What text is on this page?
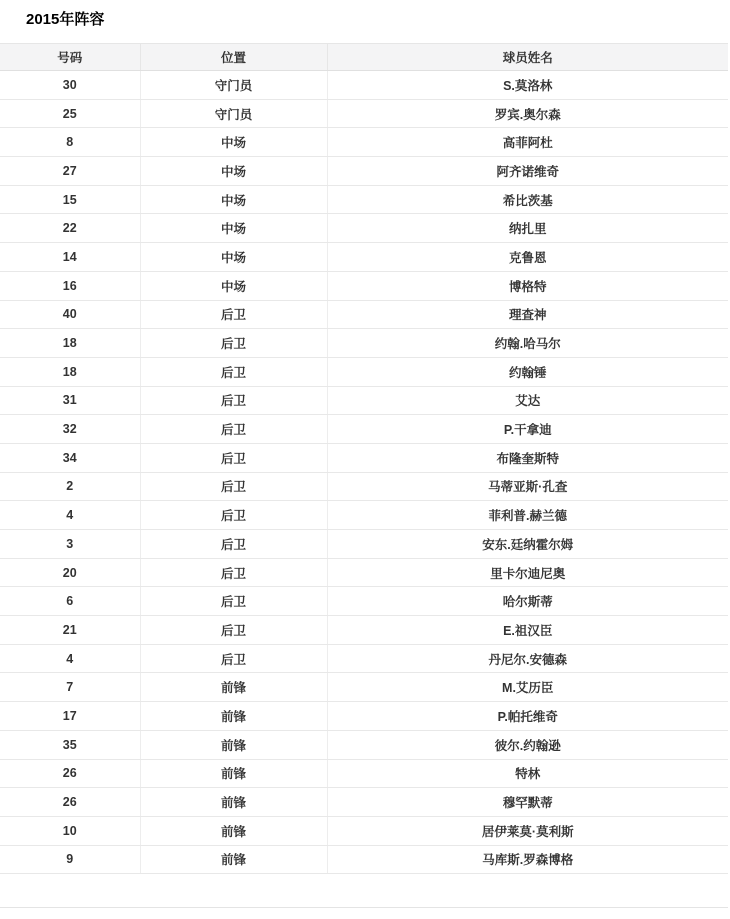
2015年阵容
号码	位置	球员姓名
30	守门员	S.莫洛林
25	守门员	罗宾.奥尔森
8	中场	高菲阿杜
27	中场	阿齐诺维奇
15	中场	希比茨基
22	中场	纳扎里
14	中场	克鲁恩
16	中场	博格特
40	后卫	理查神
18	后卫	约翰.哈马尔
18	后卫	约翰锤
31	后卫	艾达
32	后卫	P.干拿迪
34	后卫	布隆奎斯特
2	后卫	马蒂亚斯·孔查
4	后卫	菲利普.赫兰德
3	后卫	安东.廷纳霍尔姆
20	后卫	里卡尔迪尼奥
6	后卫	哈尔斯蒂
21	后卫	E.祖汉臣
4	后卫	丹尼尔.安德森
7	前锋	M.艾历臣
17	前锋	P.帕托维奇
35	前锋	彼尔.约翰逊
26	前锋	特林
26	前锋	穆罕默蒂
10	前锋	居伊莱莫·莫利斯
9	前锋	马库斯.罗森博格
